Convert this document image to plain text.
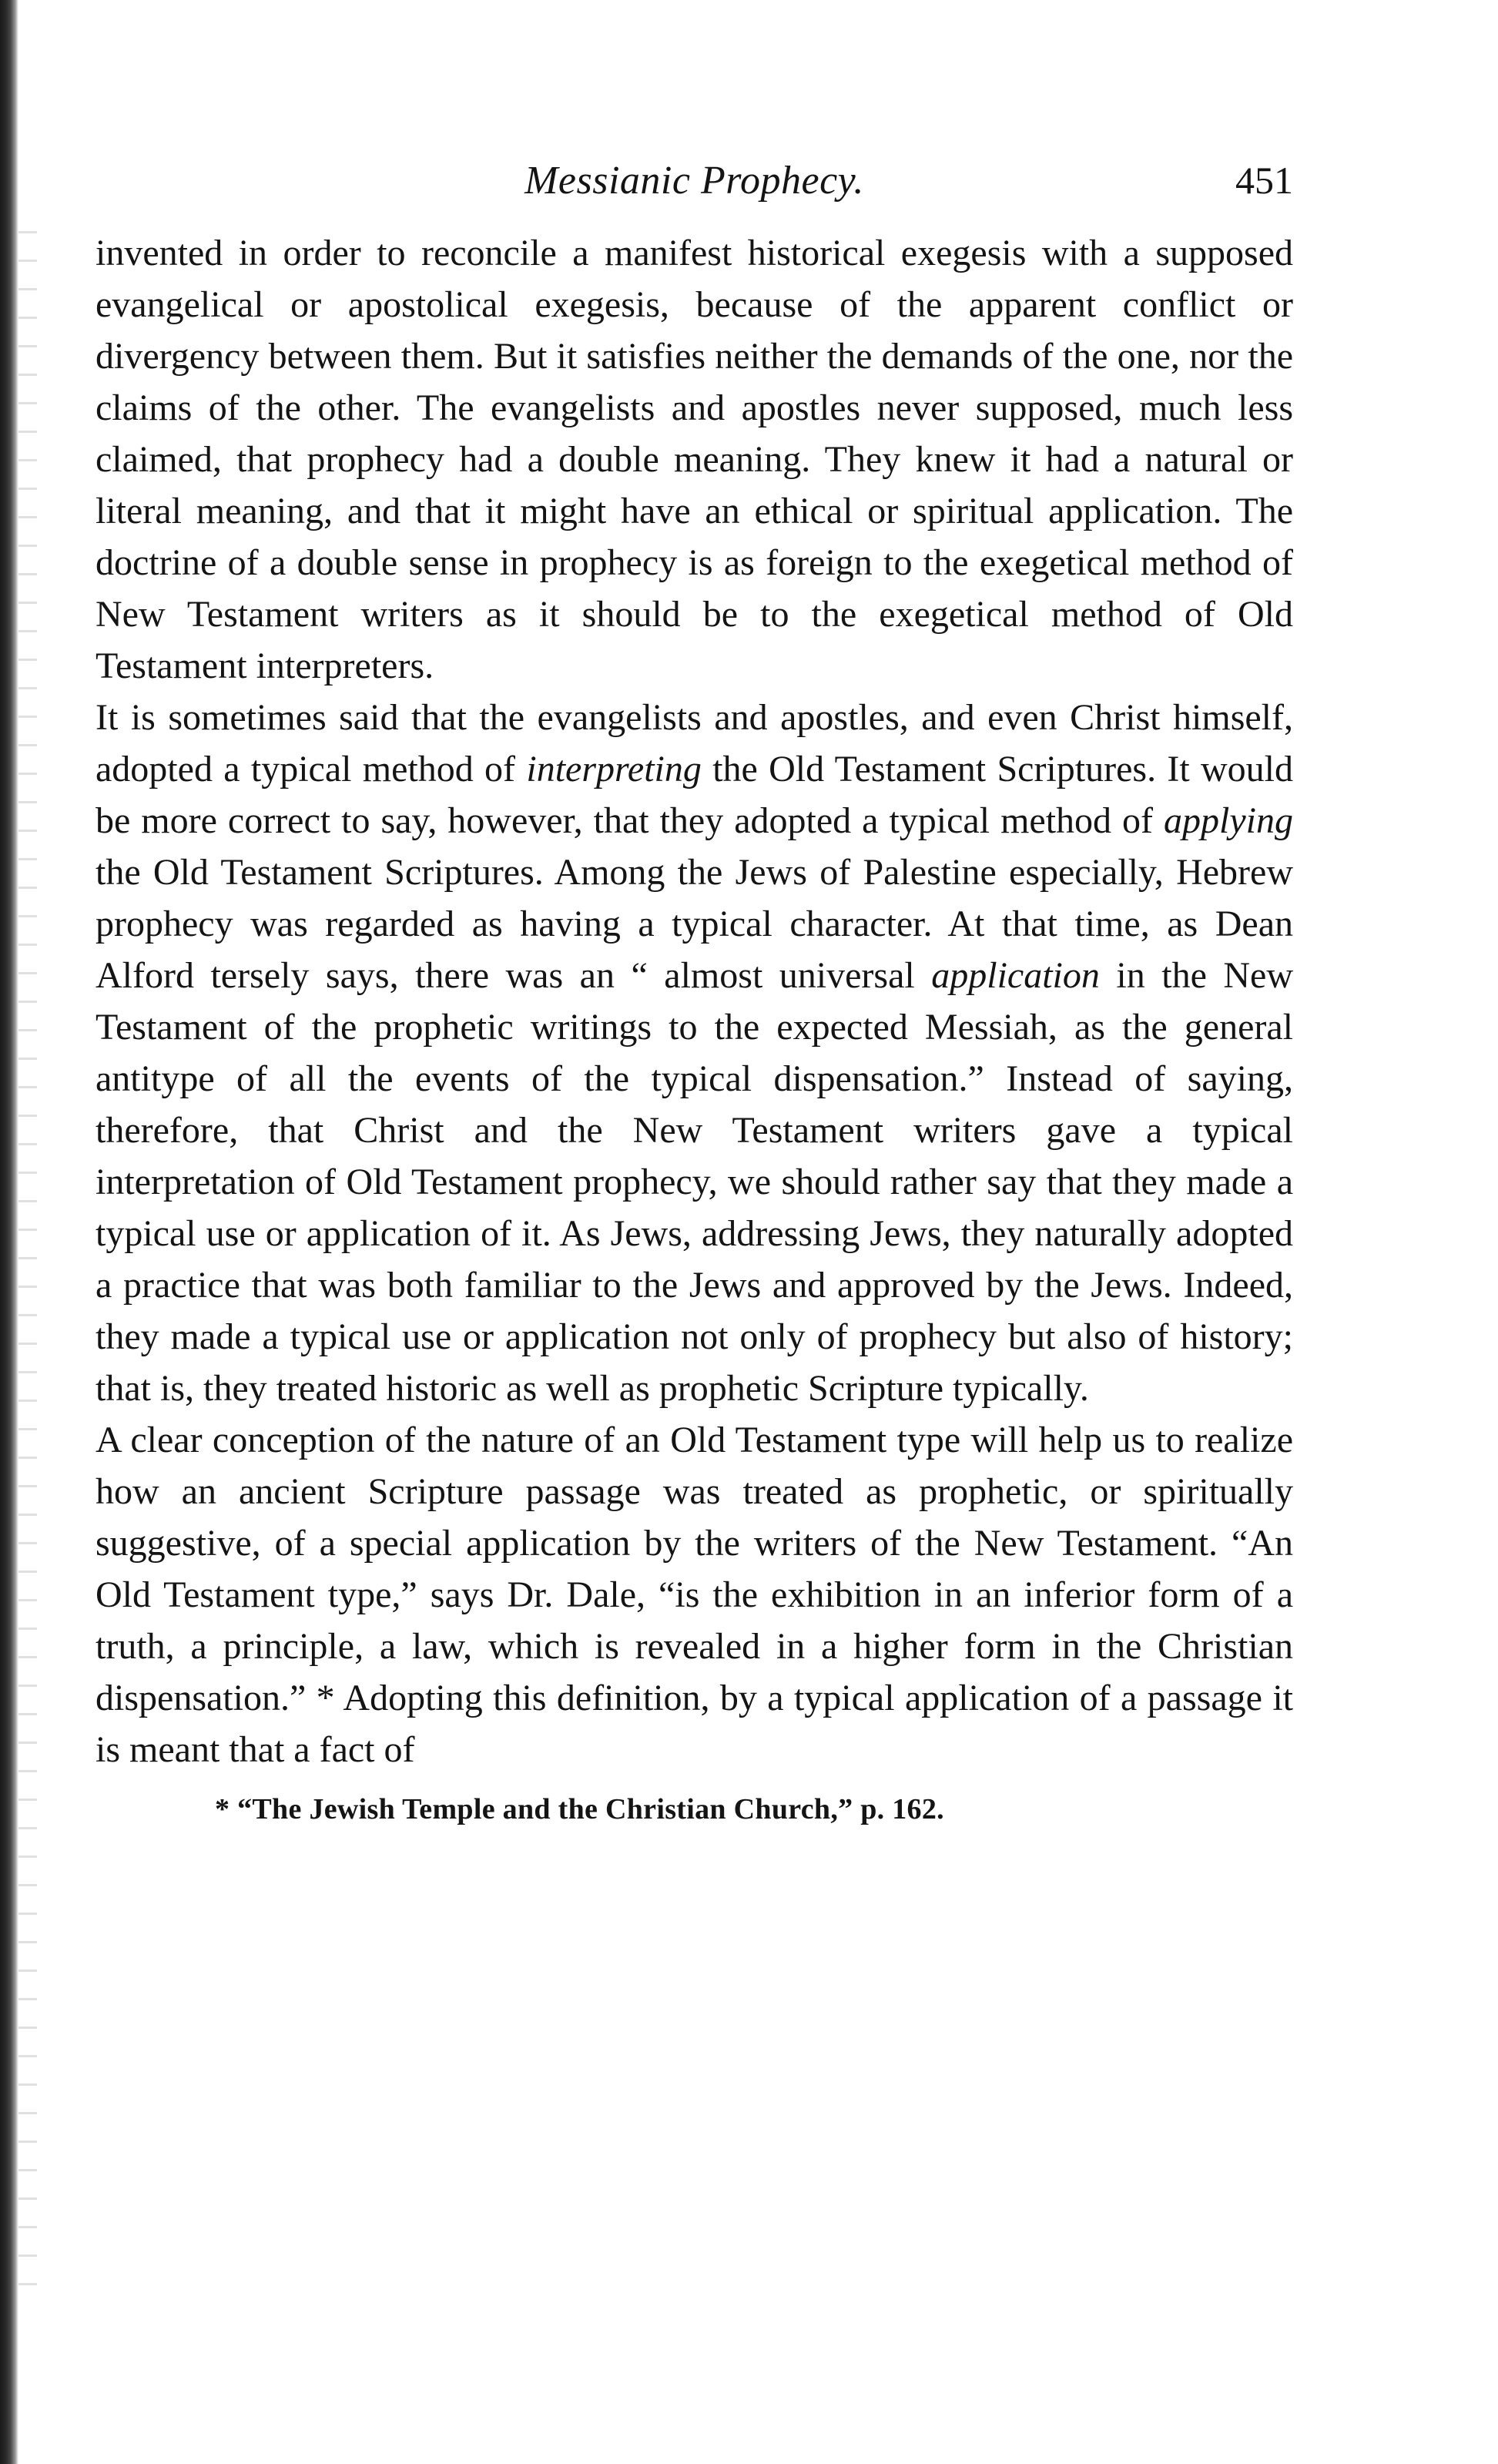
Messianic Prophecy.	451

invented in order to reconcile a manifest historical exegesis with a supposed evangelical or apostolical exegesis, because of the apparent conflict or divergency between them. But it satisfies neither the demands of the one, nor the claims of the other. The evangelists and apostles never supposed, much less claimed, that prophecy had a double meaning. They knew it had a natural or literal meaning, and that it might have an ethical or spiritual application. The doctrine of a double sense in prophecy is as foreign to the exegetical method of New Testament writers as it should be to the exegetical method of Old Testament interpreters.

It is sometimes said that the evangelists and apostles, and even Christ himself, adopted a typical method of interpreting the Old Testament Scriptures. It would be more correct to say, however, that they adopted a typical method of applying the Old Testament Scriptures. Among the Jews of Palestine especially, Hebrew prophecy was regarded as having a typical character. At that time, as Dean Alford tersely says, there was an “ almost universal application in the New Testament of the prophetic writings to the expected Messiah, as the general antitype of all the events of the typical dispensation.” Instead of saying, therefore, that Christ and the New Testament writers gave a typical interpretation of Old Testament prophecy, we should rather say that they made a typical use or application of it. As Jews, addressing Jews, they naturally adopted a practice that was both familiar to the Jews and approved by the Jews. Indeed, they made a typical use or application not only of prophecy but also of history; that is, they treated historic as well as prophetic Scripture typically.

A clear conception of the nature of an Old Testament type will help us to realize how an ancient Scripture passage was treated as prophetic, or spiritually suggestive, of a special application by the writers of the New Testament. “An Old Testament type,” says Dr. Dale, “is the exhibition in an inferior form of a truth, a principle, a law, which is revealed in a higher form in the Christian dispensation.” * Adopting this definition, by a typical application of a passage it is meant that a fact of

* “The Jewish Temple and the Christian Church,” p. 162.
